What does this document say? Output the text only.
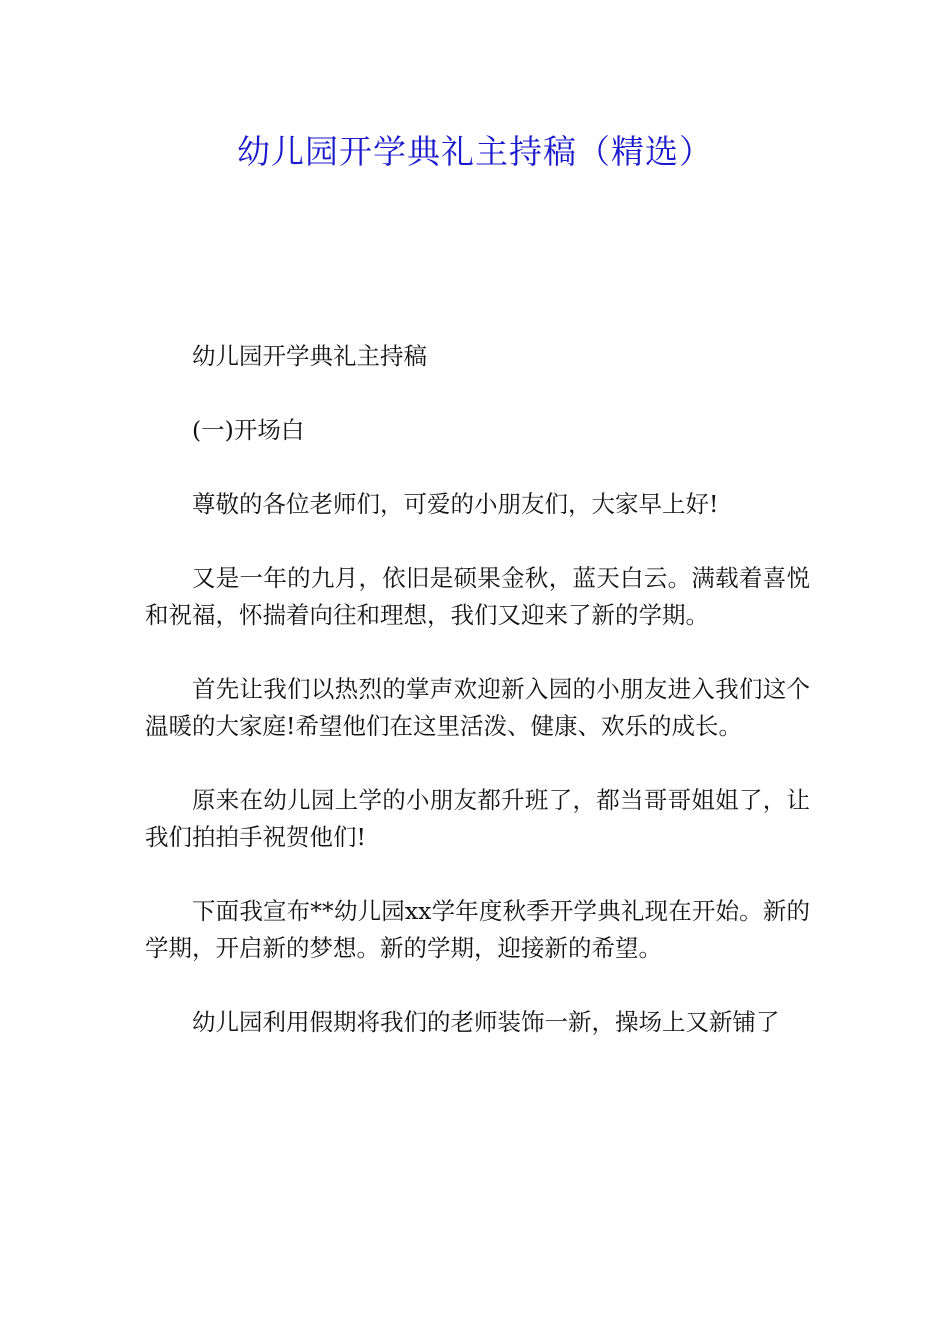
幼儿园开学典礼主持稿（精选）

幼儿园开学典礼主持稿

(一)开场白

尊敬的各位老师们，可爱的小朋友们，大家早上好!

又是一年的九月，依旧是硕果金秋，蓝天白云。满载着喜悦和祝福，怀揣着向往和理想，我们又迎来了新的学期。

首先让我们以热烈的掌声欢迎新入园的小朋友进入我们这个温暖的大家庭!希望他们在这里活泼、健康、欢乐的成长。

原来在幼儿园上学的小朋友都升班了，都当哥哥姐姐了，让我们拍拍手祝贺他们!

下面我宣布**幼儿园xx学年度秋季开学典礼现在开始。新的学期，开启新的梦想。新的学期，迎接新的希望。

幼儿园利用假期将我们的老师装饰一新，操场上又新铺了
